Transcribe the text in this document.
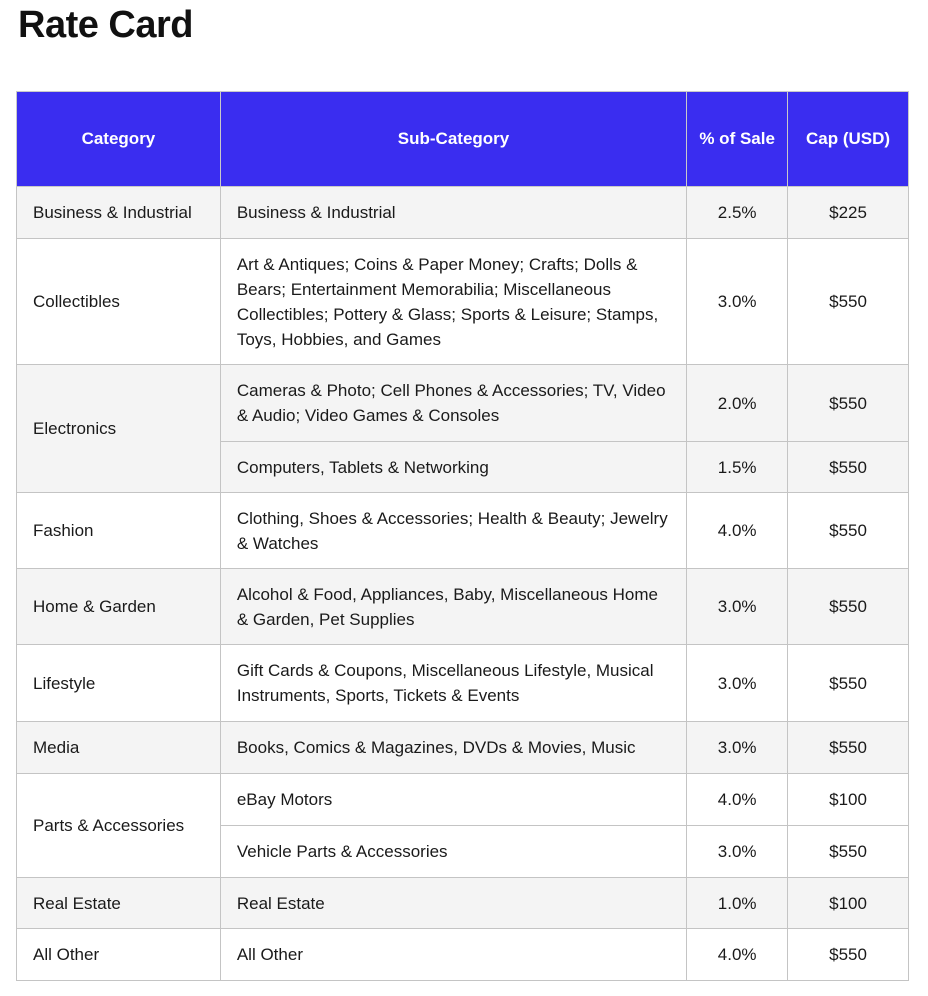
Rate Card
Category	Sub-Category	% of Sale	Cap (USD)
Business & Industrial	Business & Industrial	2.5%	$225
Collectibles	Art & Antiques; Coins & Paper Money; Crafts; Dolls & Bears; Entertainment Memorabilia; Miscellaneous Collectibles; Pottery & Glass; Sports & Leisure; Stamps, Toys, Hobbies, and Games	3.0%	$550
Electronics	Cameras & Photo; Cell Phones & Accessories; TV, Video & Audio; Video Games & Consoles	2.0%	$550
	Computers, Tablets & Networking	1.5%	$550
Fashion	Clothing, Shoes & Accessories; Health & Beauty; Jewelry & Watches	4.0%	$550
Home & Garden	Alcohol & Food, Appliances, Baby, Miscellaneous Home & Garden, Pet Supplies	3.0%	$550
Lifestyle	Gift Cards & Coupons, Miscellaneous Lifestyle, Musical Instruments, Sports, Tickets & Events	3.0%	$550
Media	Books, Comics & Magazines, DVDs & Movies, Music	3.0%	$550
Parts & Accessories	eBay Motors	4.0%	$100
	Vehicle Parts & Accessories	3.0%	$550
Real Estate	Real Estate	1.0%	$100
All Other	All Other	4.0%	$550
